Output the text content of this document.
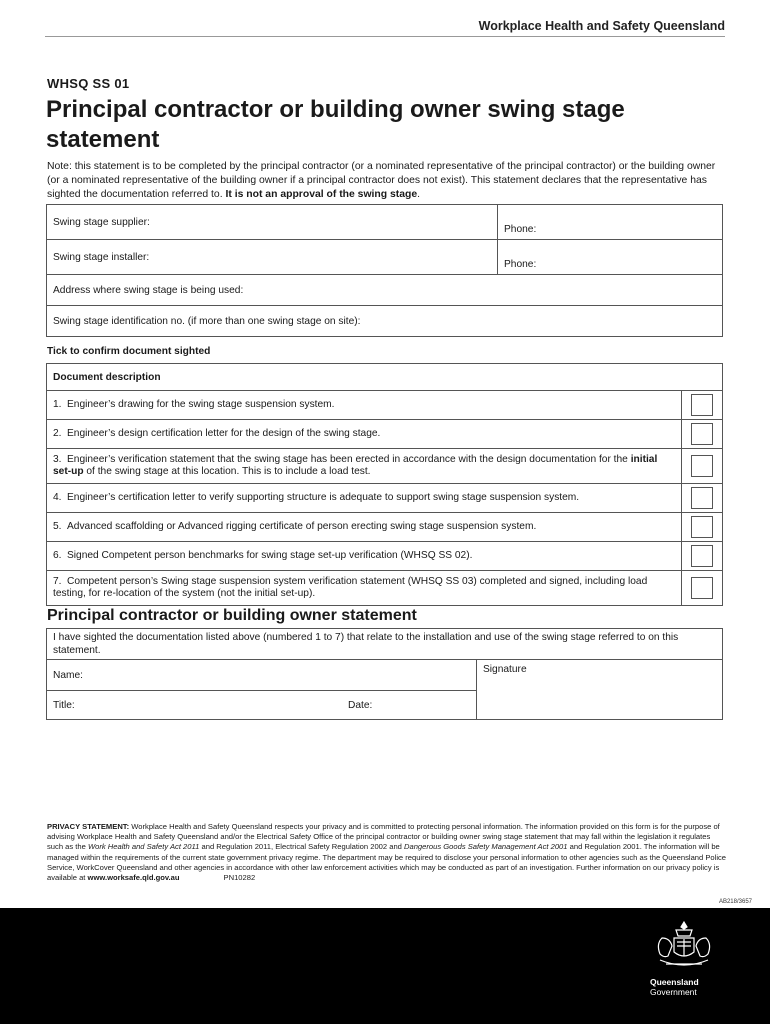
Workplace Health and Safety Queensland
WHSQ SS 01
Principal contractor or building owner swing stage statement
Note: this statement is to be completed by the principal contractor (or a nominated representative of the principal contractor) or the building owner (or a nominated representative of the building owner if a principal contractor does not exist). This statement declares that the representative has sighted the documentation referred to. It is not an approval of the swing stage.
Swing stage supplier:	Phone:
Swing stage installer:	Phone:
Address where swing stage is being used:	
Swing stage identification no. (if more than one swing stage on site):	
Tick to confirm document sighted
Document description	
1. Engineer’s drawing for the swing stage suspension system.	
2. Engineer’s design certification letter for the design of the swing stage.	
3. Engineer’s verification statement that the swing stage has been erected in accordance with the design documentation for the initial set-up of the swing stage at this location. This is to include a load test.	
4. Engineer’s certification letter to verify supporting structure is adequate to support swing stage suspension system.	
5. Advanced scaffolding or Advanced rigging certificate of person erecting swing stage suspension system.	
6. Signed Competent person benchmarks for swing stage set-up verification (WHSQ SS 02).	
7. Competent person’s Swing stage suspension system verification statement (WHSQ SS 03) completed and signed, including load testing, for re-location of the system (not the initial set-up).	
Principal contractor or building owner statement
I have sighted the documentation listed above (numbered 1 to 7) that relate to the installation and use of the swing stage referred to on this statement.		
Name:		Signature
Title:	Date:	
PRIVACY STATEMENT: Workplace Health and Safety Queensland respects your privacy and is committed to protecting personal information. The information provided on this form is for the purpose of advising Workplace Health and Safety Queensland and/or the Electrical Safety Office of the principal contractor or building owner swing stage statement that may fall within the legislation it regulates such as the Work Health and Safety Act 2011 and Regulation 2011, Electrical Safety Regulation 2002 and Dangerous Goods Safety Management Act 2001 and Regulation 2001. The information will be managed within the requirements of the current state government privacy regime. The department may be required to disclose your personal information to other agencies such as the Queensland Police Service, WorkCover Queensland and other agencies in accordance with other law enforcement activities which may be conducted as part of an investigation. Further information on our privacy policy is available at www.worksafe.qld.gov.au	PN10282
AB218/3657
Queensland
Government
